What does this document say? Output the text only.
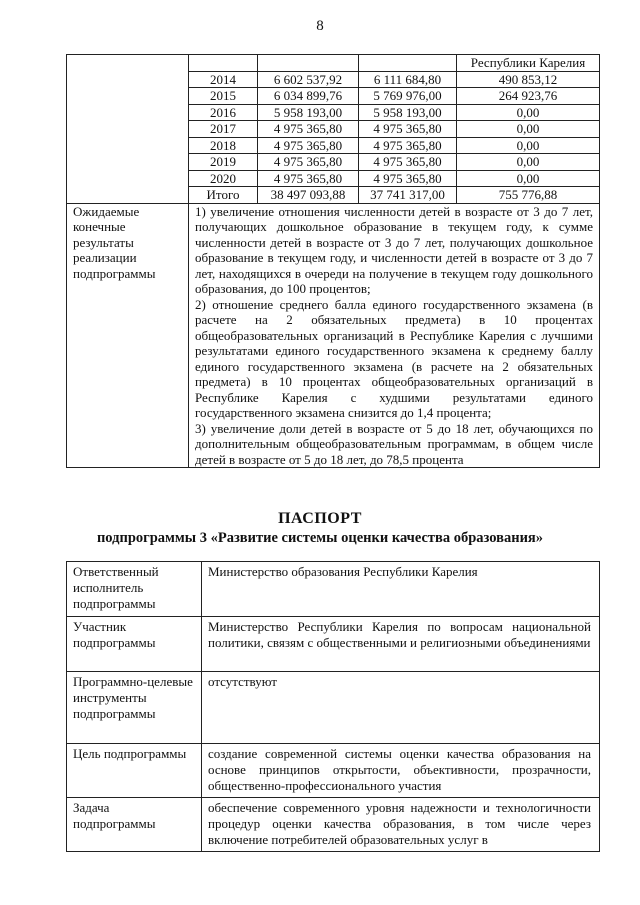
8
				Республики Карелия
	2014	6 602 537,92	6 111 684,80	490 853,12
	2015	6 034 899,76	5 769 976,00	264 923,76
	2016	5 958 193,00	5 958 193,00	0,00
	2017	4 975 365,80	4 975 365,80	0,00
	2018	4 975 365,80	4 975 365,80	0,00
	2019	4 975 365,80	4 975 365,80	0,00
	2020	4 975 365,80	4 975 365,80	0,00
	Итого	38 497 093,88	37 741 317,00	755 776,88
Ожидаемые конечные результаты реализации подпрограммы	1) увеличение отношения численности детей в возрасте от 3 до 7 лет, получающих дошкольное образование в текущем году, к сумме численности детей в возрасте от 3 до 7 лет, получающих дошкольное образование в текущем году, и численности детей в возрасте от 3 до 7 лет, находящихся в очереди на получение в текущем году дошкольного образования, до 100 процентов;

2) отношение среднего балла единого государственного экзамена (в расчете на 2 обязательных предмета) в 10 процентах общеобразовательных организаций в Республике Карелия с лучшими результатами единого государственного экзамена к среднему баллу единого государственного экзамена (в расчете на 2 обязательных предмета) в 10 процентах общеобразовательных организаций в Республике Карелия с худшими результатами единого государственного экзамена снизится до 1,4 процента;

3) увеличение доли детей в возрасте от 5 до 18 лет, обучающихся по дополнительным общеобразовательным программам, в общем числе детей в возрасте от 5 до 18 лет, до 78,5 процента			

ПАСПОРТ
подпрограммы 3 «Развитие системы оценки качества образования»
Ответственный исполнитель подпрограммы	Министерство образования Республики Карелия
Участник подпрограммы	Министерство Республики Карелия по вопросам национальной политики, связям с общественными и религиозными объединениями
Программно-целевые инструменты подпрограммы	отсутствуют
Цель подпрограммы	создание современной системы оценки качества образования на основе принципов открытости, объективности, прозрачности, общественно-профессионального участия
Задача подпрограммы	обеспечение современного уровня надежности и технологичности процедур оценки качества образования, в том числе через включение потребителей образовательных услуг в
